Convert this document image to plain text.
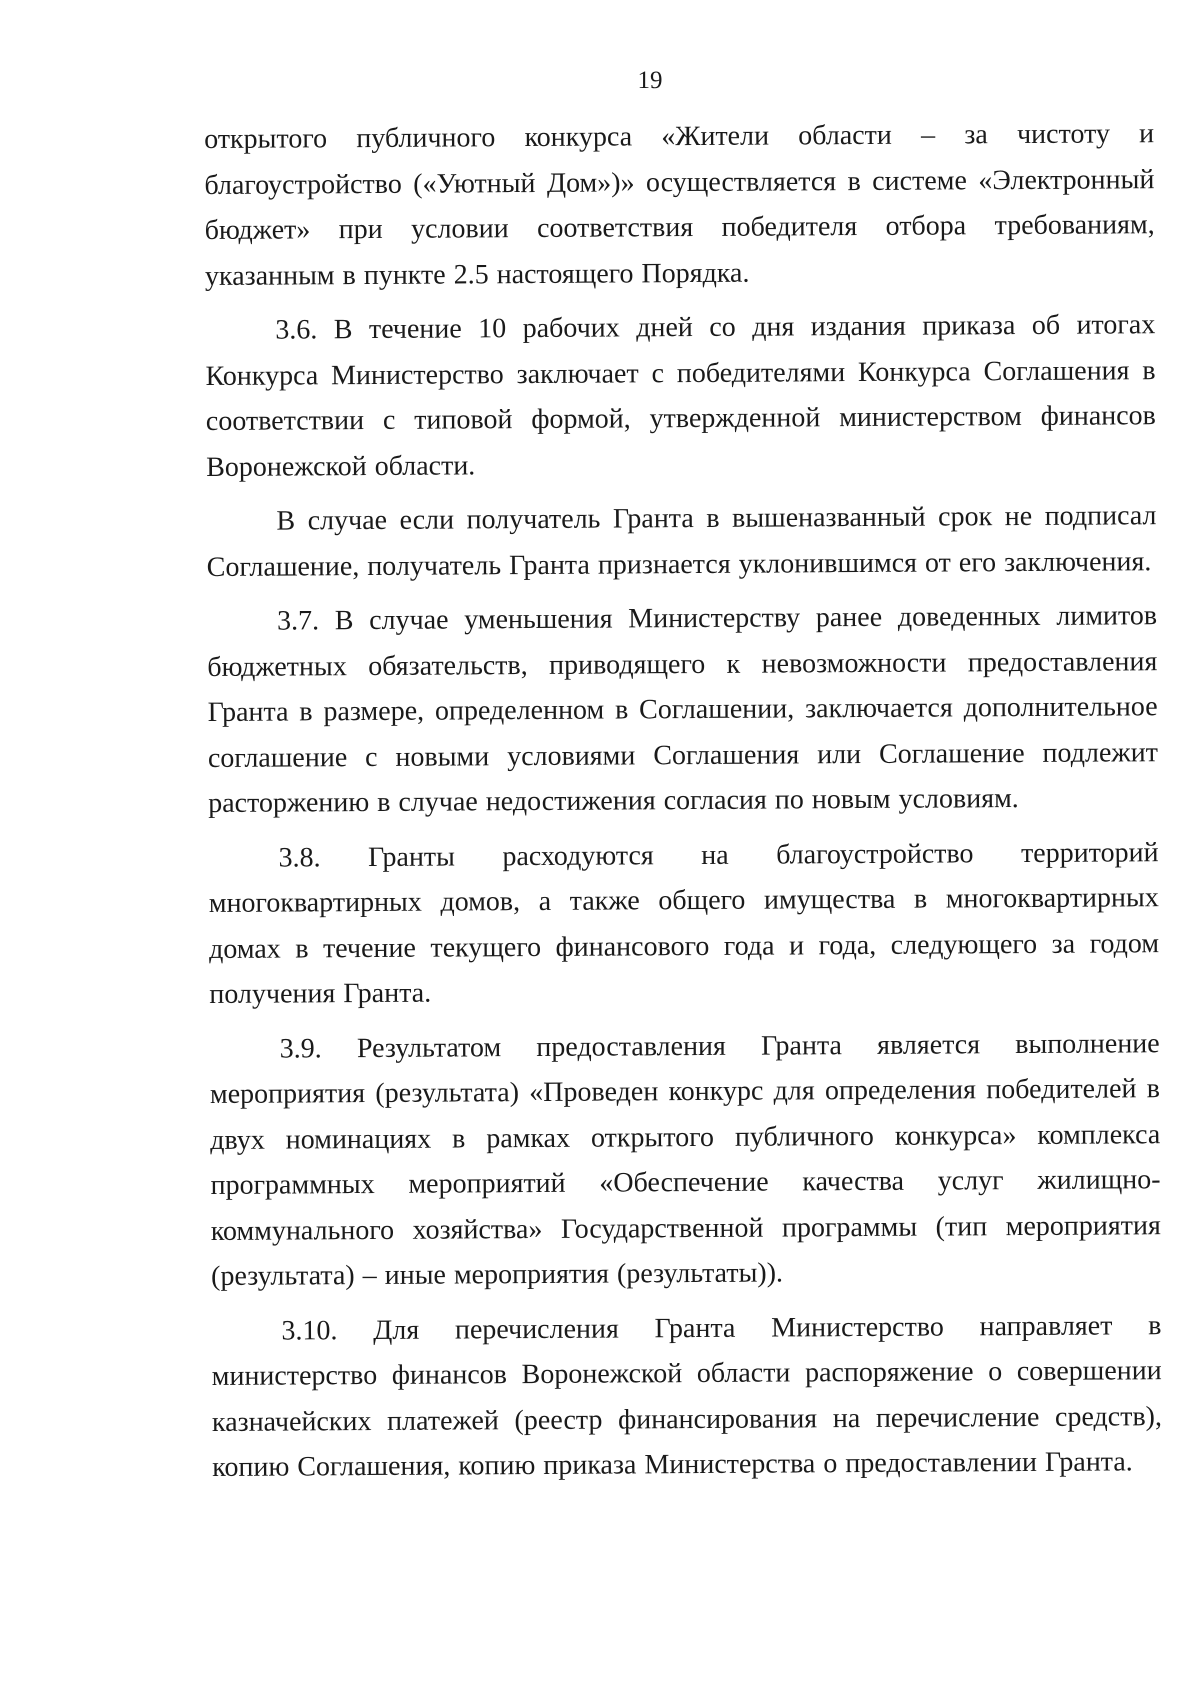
19

открытого публичного конкурса «Жители области – за чистоту и благоустройство («Уютный Дом»)» осуществляется в системе «Электронный бюджет» при условии соответствия победителя отбора требованиям, указанным в пункте 2.5 настоящего Порядка.

3.6. В течение 10 рабочих дней со дня издания приказа об итогах Конкурса Министерство заключает с победителями Конкурса Соглашения в соответствии с типовой формой, утвержденной министерством финансов Воронежской области.

В случае если получатель Гранта в вышеназванный срок не подписал Соглашение, получатель Гранта признается уклонившимся от его заключения.

3.7. В случае уменьшения Министерству ранее доведенных лимитов бюджетных обязательств, приводящего к невозможности предоставления Гранта в размере, определенном в Соглашении, заключается дополнительное соглашение с новыми условиями Соглашения или Соглашение подлежит расторжению в случае недостижения согласия по новым условиям.

3.8. Гранты расходуются на благоустройство территорий многоквартирных домов, а также общего имущества в многоквартирных домах в течение текущего финансового года и года, следующего за годом получения Гранта.

3.9. Результатом предоставления Гранта является выполнение мероприятия (результата) «Проведен конкурс для определения победителей в двух номинациях в рамках открытого публичного конкурса» комплекса программных мероприятий «Обеспечение качества услуг жилищно-коммунального хозяйства» Государственной программы (тип мероприятия (результата) – иные мероприятия (результаты)).

3.10. Для перечисления Гранта Министерство направляет в министерство финансов Воронежской области распоряжение о совершении казначейских платежей (реестр финансирования на перечисление средств), копию Соглашения, копию приказа Министерства о предоставлении Гранта.
